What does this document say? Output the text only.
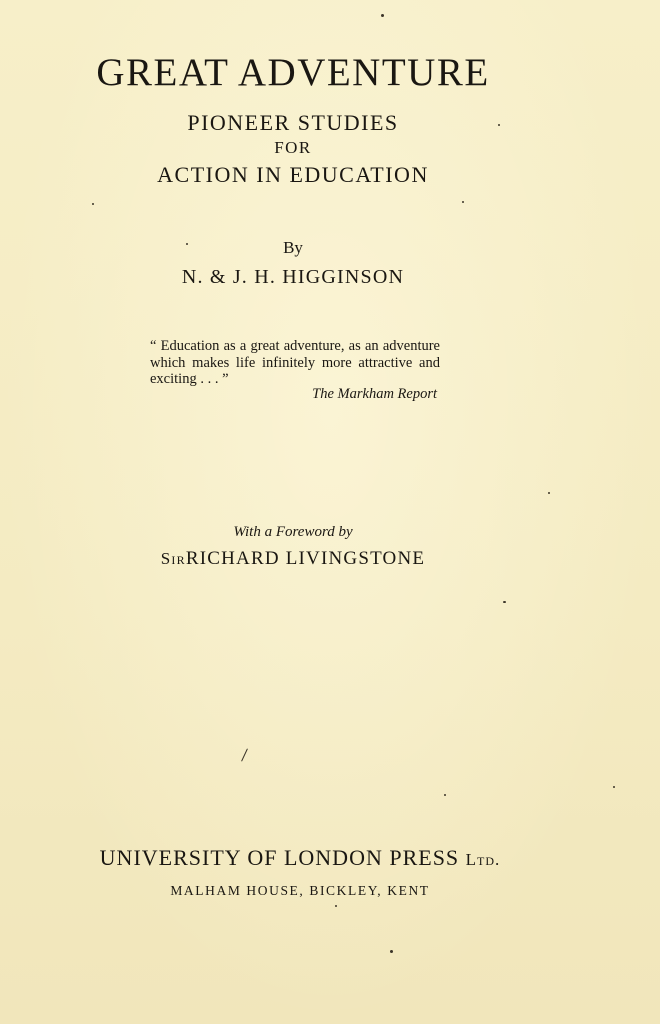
GREAT ADVENTURE
PIONEER STUDIES
FOR
ACTION IN EDUCATION
By
N. & J. H. HIGGINSON
“ Education as a great adventure, as an adventure which makes life infinitely more attractive and exciting . . . ”
The Markham Report
With a Foreword by
SirRICHARD LIVINGSTONE
UNIVERSITY OF LONDON PRESS Ltd.
MALHAM HOUSE, BICKLEY, KENT
